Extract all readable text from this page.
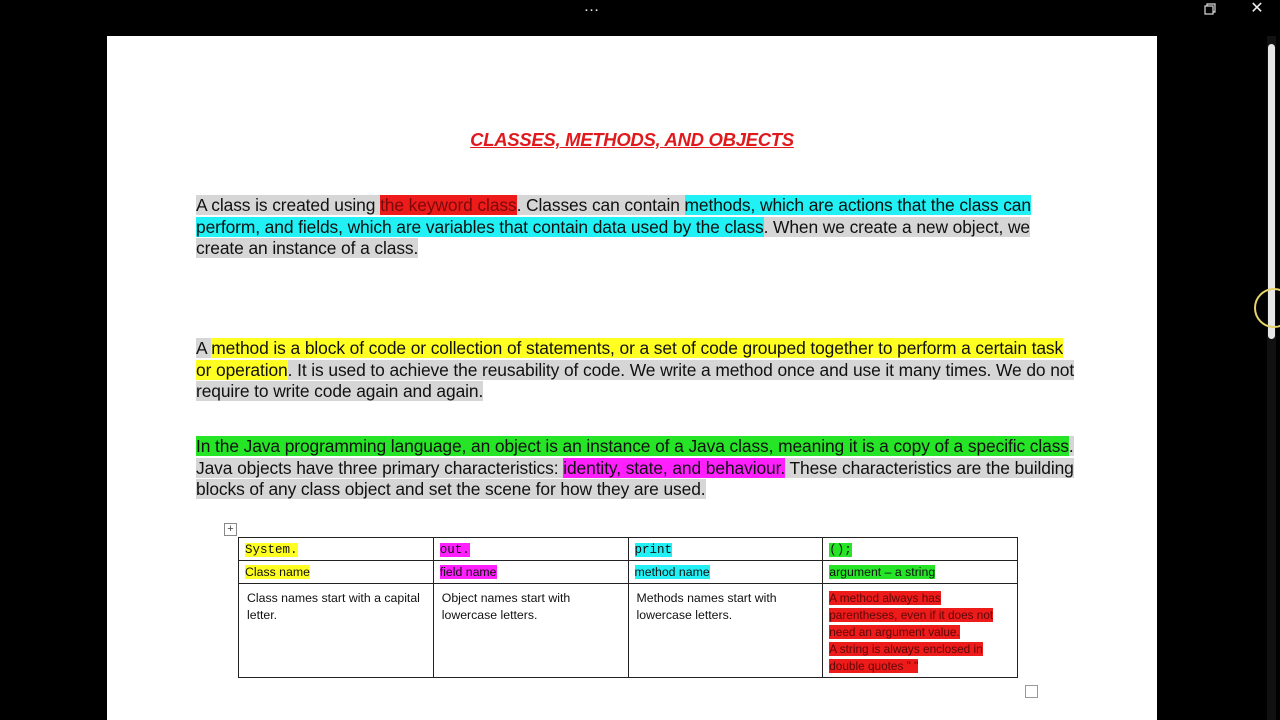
…	✕
CLASSES, METHODS, AND OBJECTS
A class is created using the keyword class. Classes can contain methods, which are actions that the class can perform, and fields, which are variables that contain data used by the class. When we create a new object, we create an instance of a class.
A method is a block of code or collection of statements, or a set of code grouped together to perform a certain task or operation. It is used to achieve the reusability of code. We write a method once and use it many times. We do not require to write code again and again.
In the Java programming language, an object is an instance of a Java class, meaning it is a copy of a specific class. Java objects have three primary characteristics: identity, state, and behaviour. These characteristics are the building blocks of any class object and set the scene for how they are used.
+
System.	out.	print	();
Class name	field name	method name	argument – a string

Class names start with a capital letter.	Object names start with lowercase letters.	Methods names start with lowercase letters.	A method always has
parentheses, even if it does not
need an argument value.
A string is always enclosed in
double quotes " "
